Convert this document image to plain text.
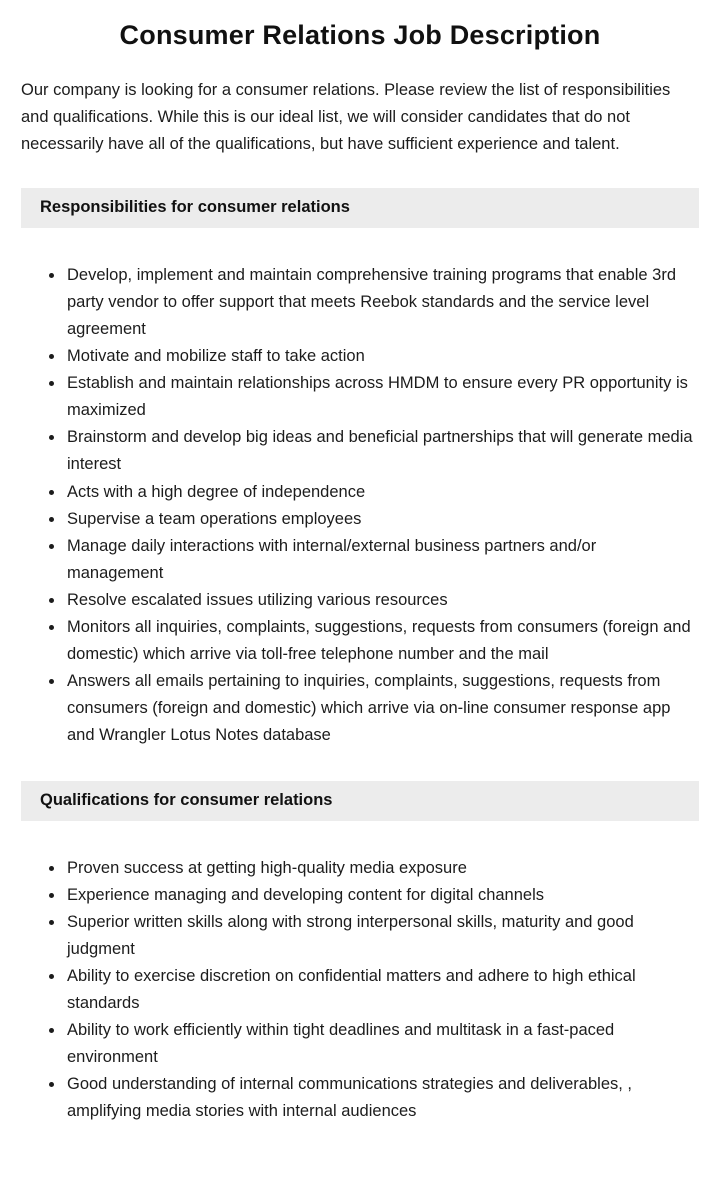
Consumer Relations Job Description

Our company is looking for a consumer relations. Please review the list of responsibilities and qualifications. While this is our ideal list, we will consider candidates that do not necessarily have all of the qualifications, but have sufficient experience and talent.

Responsibilities for consumer relations
Develop, implement and maintain comprehensive training programs that enable 3rd party vendor to offer support that meets Reebok standards and the service level agreement
Motivate and mobilize staff to take action
Establish and maintain relationships across HMDM to ensure every PR opportunity is maximized
Brainstorm and develop big ideas and beneficial partnerships that will generate media interest
Acts with a high degree of independence
Supervise a team operations employees
Manage daily interactions with internal/external business partners and/or management
Resolve escalated issues utilizing various resources
Monitors all inquiries, complaints, suggestions, requests from consumers (foreign and domestic) which arrive via toll-free telephone number and the mail
Answers all emails pertaining to inquiries, complaints, suggestions, requests from consumers (foreign and domestic) which arrive via on-line consumer response app and Wrangler Lotus Notes database
Qualifications for consumer relations
Proven success at getting high-quality media exposure
Experience managing and developing content for digital channels
Superior written skills along with strong interpersonal skills, maturity and good judgment
Ability to exercise discretion on confidential matters and adhere to high ethical standards
Ability to work efficiently within tight deadlines and multitask in a fast-paced environment
Good understanding of internal communications strategies and deliverables, , amplifying media stories with internal audiences
